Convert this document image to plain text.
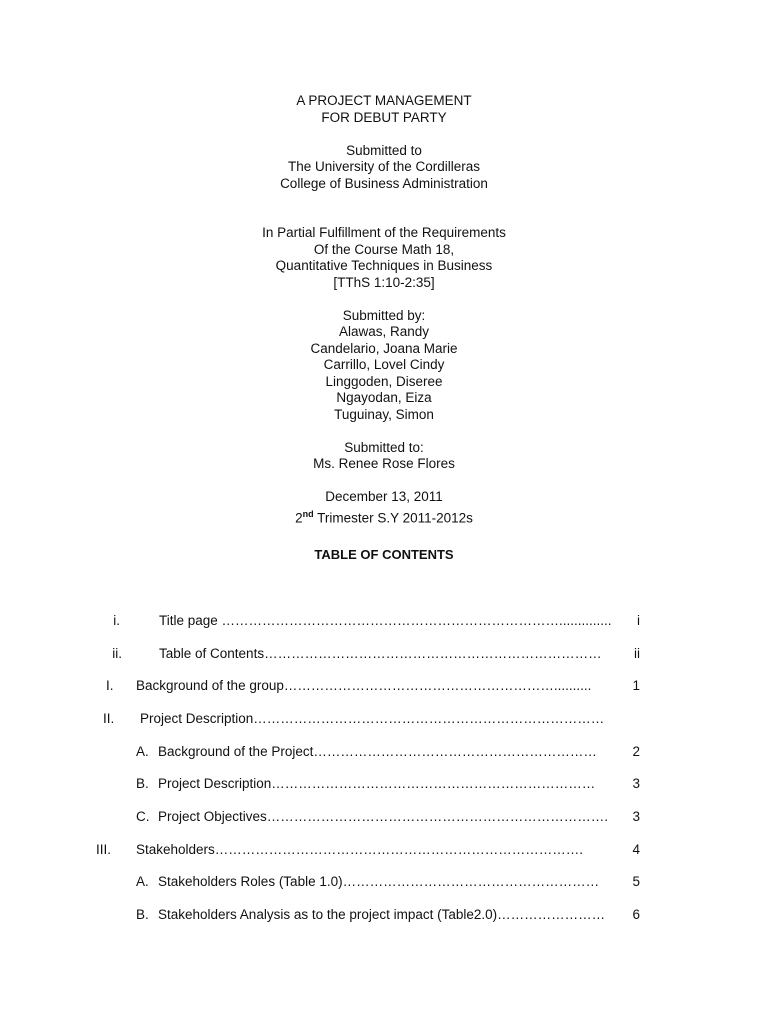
A PROJECT MANAGEMENT
FOR DEBUT PARTY
Submitted to
The University of the Cordilleras
College of Business Administration
In Partial Fulfillment of the Requirements
Of the Course Math 18,
Quantitative Techniques in Business
[TThS 1:10-2:35]
Submitted by:
Alawas, Randy
Candelario, Joana Marie
Carrillo, Lovel Cindy
Linggoden, Diseree
Ngayodan, Eiza
Tuguinay, Simon
Submitted to:
Ms. Renee Rose Flores
December 13, 2011
2nd Trimester S.Y 2011-2012s
TABLE OF CONTENTS
i.	Title page …………………………………………………………………..............	i
ii.	Table of Contents…………………………………………………………………	ii
I. Background of the group……………………………………………………..........	1
II. Project Description……………………………………………………………………
A. Background of the Project………………………………………………………	2
B. Project Description………………………………………………………………	3
C. Project Objectives………………………………………………………………….	3
III. Stakeholders……………………………………………………………………….	4
A. Stakeholders Roles (Table 1.0)…………………………………………………	5
B. Stakeholders Analysis as to the project impact (Table2.0)……………………	6
